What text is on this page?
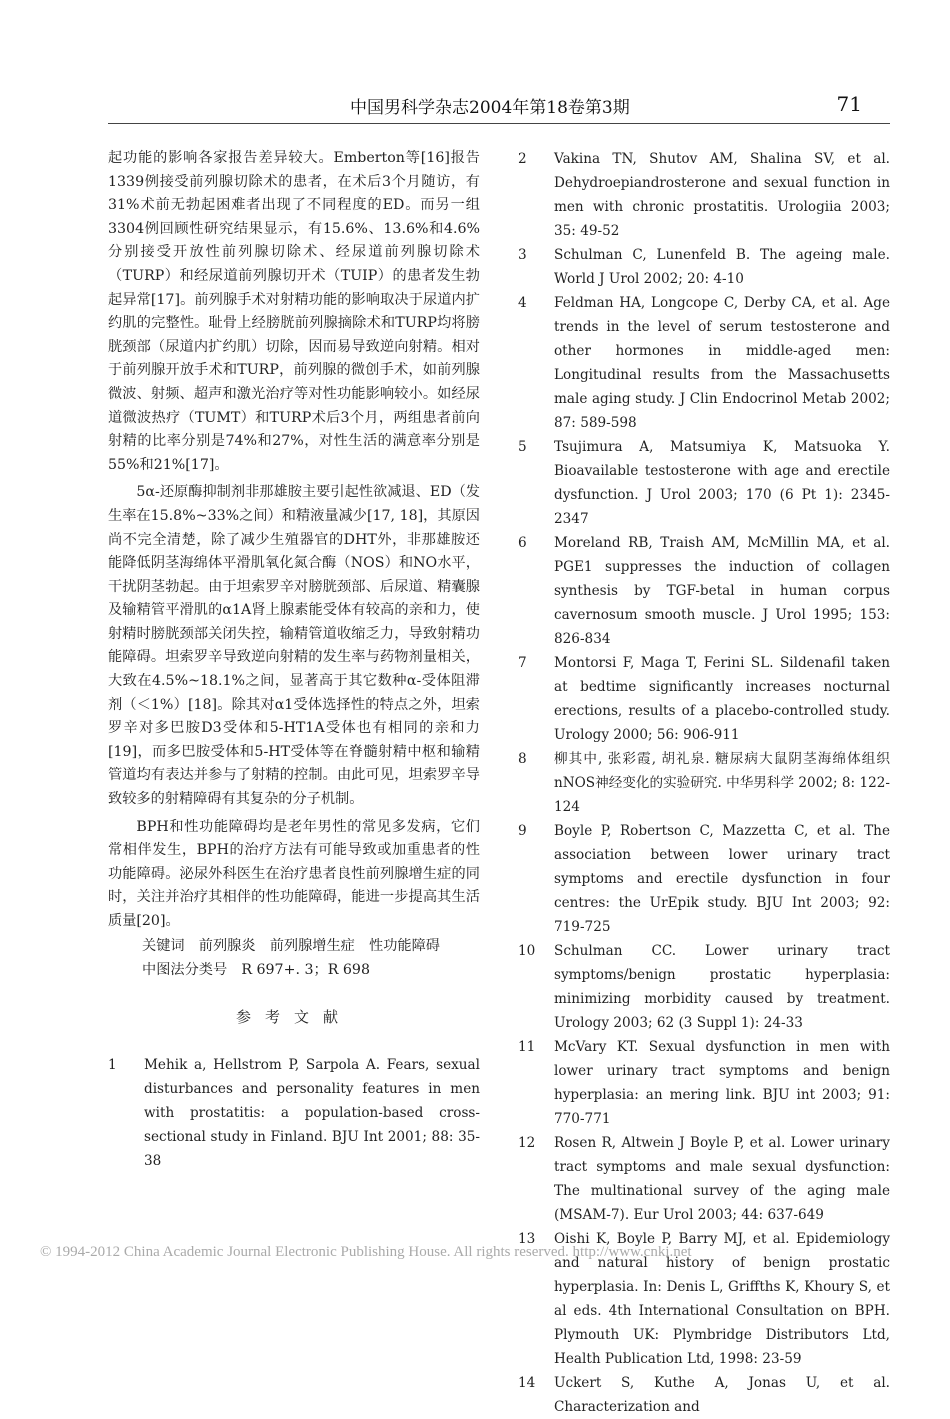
中国男科学杂志2004年第18卷第3期	71

起功能的影响各家报告差异较大。Emberton等[16]报告1339例接受前列腺切除术的患者，在术后3个月随访，有31%术前无勃起困难者出现了不同程度的ED。而另一组3304例回顾性研究结果显示，有15.6%、13.6%和4.6%分别接受开放性前列腺切除术、经尿道前列腺切除术（TURP）和经尿道前列腺切开术（TUIP）的患者发生勃起异常[17]。前列腺手术对射精功能的影响取决于尿道内扩约肌的完整性。耻骨上经膀胱前列腺摘除术和TURP均将膀胱颈部（尿道内扩约肌）切除，因而易导致逆向射精。相对于前列腺开放手术和TURP，前列腺的微创手术，如前列腺微波、射频、超声和激光治疗等对性功能影响较小。如经尿道微波热疗（TUMT）和TURP术后3个月，两组患者前向射精的比率分别是74%和27%，对性生活的满意率分别是55%和21%[17]。

5α-还原酶抑制剂非那雄胺主要引起性欲减退、ED（发生率在15.8%~33%之间）和精液量减少[17, 18]，其原因尚不完全清楚，除了减少生殖器官的DHT外，非那雄胺还能降低阴茎海绵体平滑肌氧化氮合酶（NOS）和NO水平，干扰阴茎勃起。由于坦索罗辛对膀胱颈部、后尿道、精囊腺及输精管平滑肌的α1A肾上腺素能受体有较高的亲和力，使射精时膀胱颈部关闭失控，输精管道收缩乏力，导致射精功能障碍。坦索罗辛导致逆向射精的发生率与药物剂量相关，大致在4.5%~18.1%之间，显著高于其它数种α-受体阻滞剂（＜1%）[18]。除其对α1受体选择性的特点之外，坦索罗辛对多巴胺D3受体和5-HT1A受体也有相同的亲和力[19]，而多巴胺受体和5-HT受体等在脊髓射精中枢和输精管道均有表达并参与了射精的控制。由此可见，坦索罗辛导致较多的射精障碍有其复杂的分子机制。

BPH和性功能障碍均是老年男性的常见多发病，它们常相伴发生，BPH的治疗方法有可能导致或加重患者的性功能障碍。泌尿外科医生在治疗患者良性前列腺增生症的同时，关注并治疗其相伴的性功能障碍，能进一步提高其生活质量[20]。

关键词　前列腺炎　前列腺增生症　性功能障碍
中图法分类号　R 697+. 3；R 698
参考文献
1	Mehik a, Hellstrom P, Sarpola A. Fears, sexual disturbances and personality features in men with prostatitis: a population-based cross-sectional study in Finland. BJU Int 2001; 88: 35-38
2	Vakina TN, Shutov AM, Shalina SV, et al. Dehydroepiandrosterone and sexual function in men with chronic prostatitis. Urologiia 2003; 35: 49-52
3	Schulman C, Lunenfeld B. The ageing male. World J Urol 2002; 20: 4-10
4	Feldman HA, Longcope C, Derby CA, et al. Age trends in the level of serum testosterone and other hormones in middle-aged men: Longitudinal results from the Massachusetts male aging study. J Clin Endocrinol Metab 2002; 87: 589-598
5	Tsujimura A, Matsumiya K, Matsuoka Y. Bioavailable testosterone with age and erectile dysfunction. J Urol 2003; 170 (6 Pt 1): 2345-2347
6	Moreland RB, Traish AM, McMillin MA, et al. PGE1 suppresses the induction of collagen synthesis by TGF-betal in human corpus cavernosum smooth muscle. J Urol 1995; 153: 826-834
7	Montorsi F, Maga T, Ferini SL. Sildenafil taken at bedtime significantly increases nocturnal erections, results of a placebo-controlled study. Urology 2000; 56: 906-911
8	柳其中, 张彩霞, 胡礼泉. 糖尿病大鼠阴茎海绵体组织nNOS神经变化的实验研究. 中华男科学 2002; 8: 122-124
9	Boyle P, Robertson C, Mazzetta C, et al. The association between lower urinary tract symptoms and erectile dysfunction in four centres: the UrEpik study. BJU Int 2003; 92: 719-725
10	Schulman CC. Lower urinary tract symptoms/benign prostatic hyperplasia: minimizing morbidity caused by treatment. Urology 2003; 62 (3 Suppl 1): 24-33
11	McVary KT. Sexual dysfunction in men with lower urinary tract symptoms and benign hyperplasia: an mering link. BJU int 2003; 91: 770-771
12	Rosen R, Altwein J Boyle P, et al. Lower urinary tract symptoms and male sexual dysfunction: The multinational survey of the aging male (MSAM-7). Eur Urol 2003; 44: 637-649
13	Oishi K, Boyle P, Barry MJ, et al. Epidemiology and natural history of benign prostatic hyperplasia. In: Denis L, Griffths K, Khoury S, et al eds. 4th International Consultation on BPH. Plymouth UK: Plymbridge Distributors Ltd, Health Publication Ltd, 1998: 23-59
14	Uckert S, Kuthe A, Jonas U, et al. Characterization and
© 1994-2012 China Academic Journal Electronic Publishing House. All rights reserved. http://www.cnki.net
